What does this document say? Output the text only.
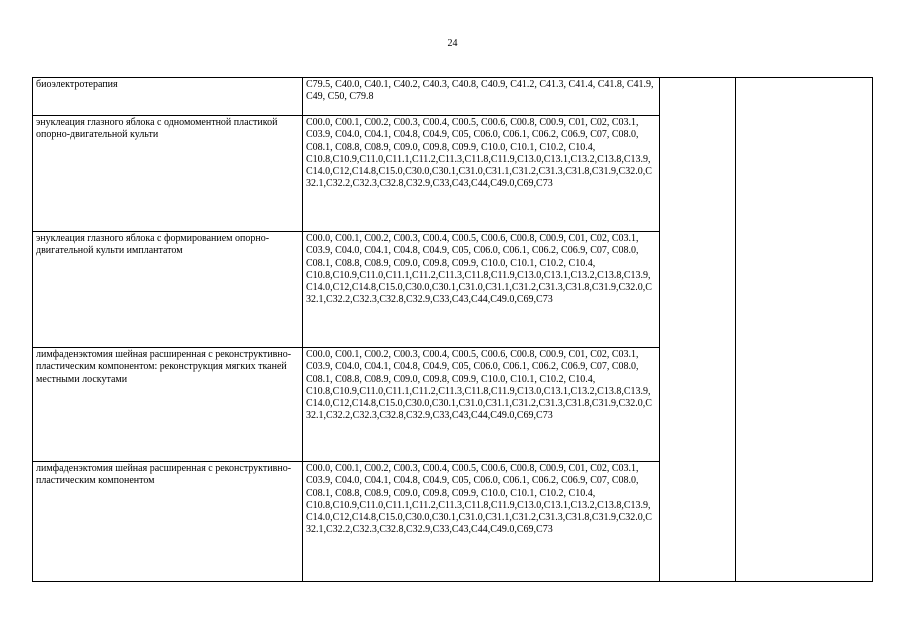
24
биоэлектротерапия	C79.5, C40.0, C40.1, C40.2, C40.3, C40.8, C40.9, C41.2, C41.3, C41.4, C41.8, C41.9, C49, C50, C79.8		

энуклеация глазного яблока с одномоментной пластикой опорно-двигательной культи	C00.0, C00.1, C00.2, C00.3, C00.4, C00.5, C00.6, C00.8, C00.9, C01, C02, C03.1, C03.9, C04.0, C04.1, C04.8, C04.9, C05, C06.0, C06.1, C06.2, C06.9, C07, C08.0, C08.1, C08.8, C08.9, C09.0, C09.8, C09.9, C10.0, C10.1, C10.2, C10.4, C10.8,C10.9,C11.0,C11.1,C11.2,C11.3,C11.8,C11.9,C13.0,C13.1,C13.2,C13.8,C13.9,C14.0,C12,C14.8,C15.0,C30.0,C30.1,C31.0,C31.1,C31.2,C31.3,C31.8,C31.9,C32.0,C32.1,C32.2,C32.3,C32.8,C32.9,C33,C43,C44,C49.0,C69,C73		

энуклеация глазного яблока с формированием опорно-двигательной культи имплантатом	C00.0, C00.1, C00.2, C00.3, C00.4, C00.5, C00.6, C00.8, C00.9, C01, C02, C03.1, C03.9, C04.0, C04.1, C04.8, C04.9, C05, C06.0, C06.1, C06.2, C06.9, C07, C08.0, C08.1, C08.8, C08.9, C09.0, C09.8, C09.9, C10.0, C10.1, C10.2, C10.4, C10.8,C10.9,C11.0,C11.1,C11.2,C11.3,C11.8,C11.9,C13.0,C13.1,C13.2,C13.8,C13.9,C14.0,C12,C14.8,C15.0,C30.0,C30.1,C31.0,C31.1,C31.2,C31.3,C31.8,C31.9,C32.0,C32.1,C32.2,C32.3,C32.8,C32.9,C33,C43,C44,C49.0,C69,C73		

лимфаденэктомия шейная расширенная с реконструктивно-пластическим компонентом: реконструкция мягких тканей местными лоскутами	C00.0, C00.1, C00.2, C00.3, C00.4, C00.5, C00.6, C00.8, C00.9, C01, C02, C03.1, C03.9, C04.0, C04.1, C04.8, C04.9, C05, C06.0, C06.1, C06.2, C06.9, C07, C08.0, C08.1, C08.8, C08.9, C09.0, C09.8, C09.9, C10.0, C10.1, C10.2, C10.4, C10.8,C10.9,C11.0,C11.1,C11.2,C11.3,C11.8,C11.9,C13.0,C13.1,C13.2,C13.8,C13.9,C14.0,C12,C14.8,C15.0,C30.0,C30.1,C31.0,C31.1,C31.2,C31.3,C31.8,C31.9,C32.0,C32.1,C32.2,C32.3,C32.8,C32.9,C33,C43,C44,C49.0,C69,C73		

лимфаденэктомия шейная расширенная с реконструктивно-пластическим компонентом	C00.0, C00.1, C00.2, C00.3, C00.4, C00.5, C00.6, C00.8, C00.9, C01, C02, C03.1, C03.9, C04.0, C04.1, C04.8, C04.9, C05, C06.0, C06.1, C06.2, C06.9, C07, C08.0, C08.1, C08.8, C08.9, C09.0, C09.8, C09.9, C10.0, C10.1, C10.2, C10.4, C10.8,C10.9,C11.0,C11.1,C11.2,C11.3,C11.8,C11.9,C13.0,C13.1,C13.2,C13.8,C13.9,C14.0,C12,C14.8,C15.0,C30.0,C30.1,C31.0,C31.1,C31.2,C31.3,C31.8,C31.9,C32.0,C32.1,C32.2,C32.3,C32.8,C32.9,C33,C43,C44,C49.0,C69,C73		
